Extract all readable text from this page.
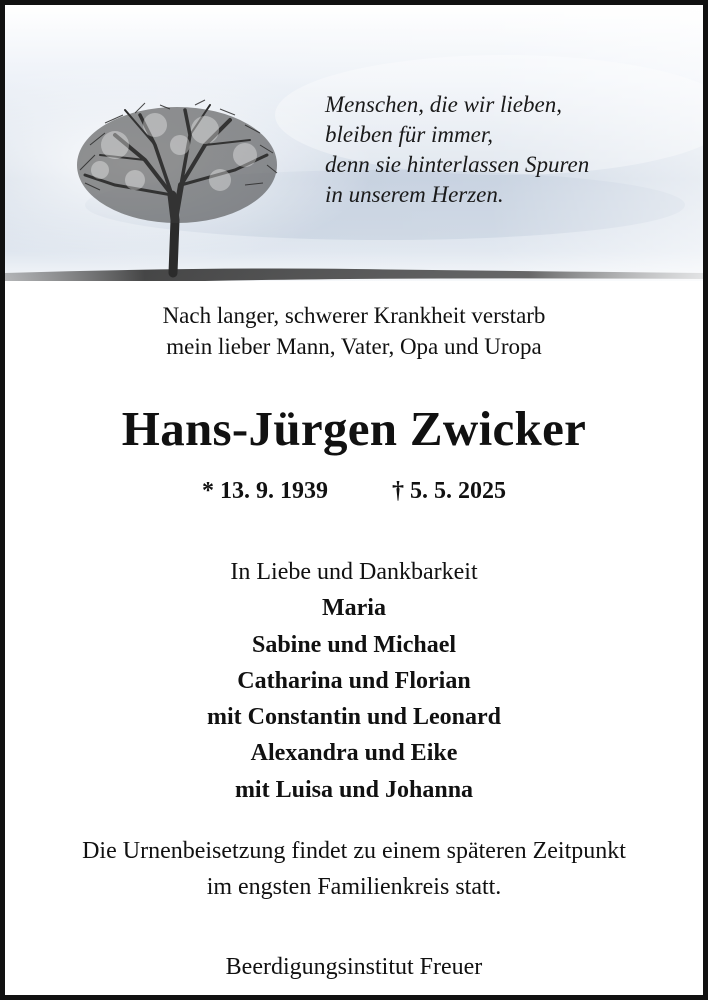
Menschen, die wir lieben,
bleiben für immer,
denn sie hinterlassen Spuren
in unserem Herzen.
Nach langer, schwerer Krankheit verstarb
mein lieber Mann, Vater, Opa und Uropa
Hans-Jürgen Zwicker
* 13. 9. 1939	† 5. 5. 2025
In Liebe und Dankbarkeit
Maria
Sabine und Michael
Catharina und Florian
mit Constantin und Leonard
Alexandra und Eike
mit Luisa und Johanna
Die Urnenbeisetzung findet zu einem späteren Zeitpunkt
im engsten Familienkreis statt.
Beerdigungsinstitut Freuer
